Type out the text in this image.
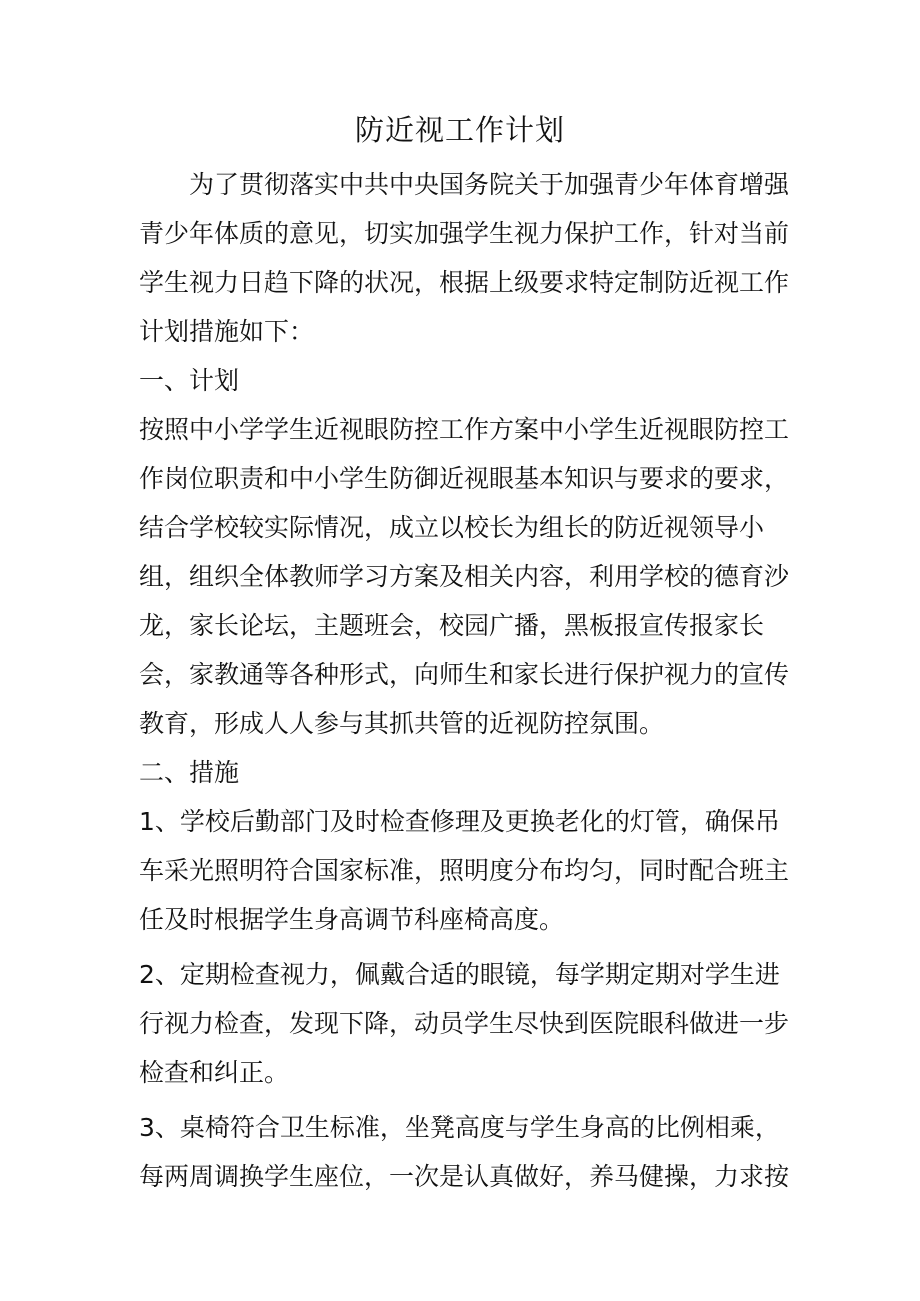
防近视工作计划

为了贯彻落实中共中央国务院关于加强青少年体育增强青少年体质的意见，切实加强学生视力保护工作，针对当前学生视力日趋下降的状况，根据上级要求特定制防近视工作计划措施如下：

一、计划

按照中小学学生近视眼防控工作方案中小学生近视眼防控工作岗位职责和中小学生防御近视眼基本知识与要求的要求，结合学校较实际情况，成立以校长为组长的防近视领导小组，组织全体教师学习方案及相关内容，利用学校的德育沙龙，家长论坛，主题班会，校园广播，黑板报宣传报家长会，家教通等各种形式，向师生和家长进行保护视力的宣传教育，形成人人参与其抓共管的近视防控氛围。

二、措施

1、学校后勤部门及时检查修理及更换老化的灯管，确保吊车采光照明符合国家标准，照明度分布均匀，同时配合班主任及时根据学生身高调节科座椅高度。

2、定期检查视力，佩戴合适的眼镜，每学期定期对学生进行视力检查，发现下降，动员学生尽快到医院眼科做进一步检查和纠正。

3、桌椅符合卫生标准，坐凳高度与学生身高的比例相乘，每两周调换学生座位，一次是认真做好，养马健操，力求按
